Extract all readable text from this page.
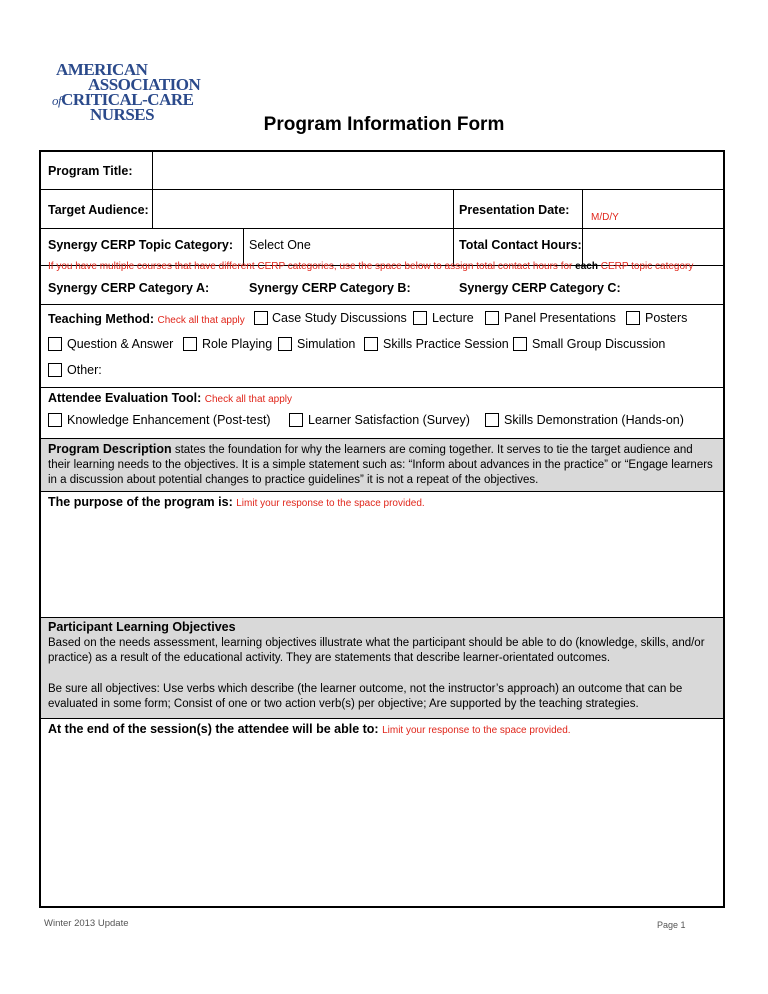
AMERICAN
ASSOCIATION
ofCRITICAL-CARE
NURSES	Program Information Form
Program Title:
Target Audience:	Presentation Date:
M/D/Y
Synergy CERP Topic Category: Select One	Total Contact Hours:
If you have multiple courses that have different CERP categories, use the space below to assign total contact hours for each CERP topic category
Synergy CERP Category A:	Synergy CERP Category B:	Synergy CERP Category C:
Teaching Method: Check all that apply Case Study Discussions Lecture Panel Presentations Posters
Question & Answer Role Playing Simulation Skills Practice Session Small Group Discussion
Other:
Attendee Evaluation Tool: Check all that apply
Knowledge Enhancement (Post-test)	Learner Satisfaction (Survey)	Skills Demonstration (Hands-on)
Program Description states the foundation for why the learners are coming together. It serves to tie the target audience and
their learning needs to the objectives. It is a simple statement such as: “Inform about advances in the practice” or “Engage learners
in a discussion about potential changes to practice guidelines” it is not a repeat of the objectives.
The purpose of the program is: Limit your response to the space provided.
Participant Learning Objectives
Based on the needs assessment, learning objectives illustrate what the participant should be able to do (knowledge, skills, and/or
practice) as a result of the educational activity. They are statements that describe learner-orientated outcomes.
Be sure all objectives: Use verbs which describe (the learner outcome, not the instructor’s approach) an outcome that can be
evaluated in some form; Consist of one or two action verb(s) per objective; Are supported by the teaching strategies.
At the end of the session(s) the attendee will be able to: Limit your response to the space provided.
Winter 2013 Update	Page 1
